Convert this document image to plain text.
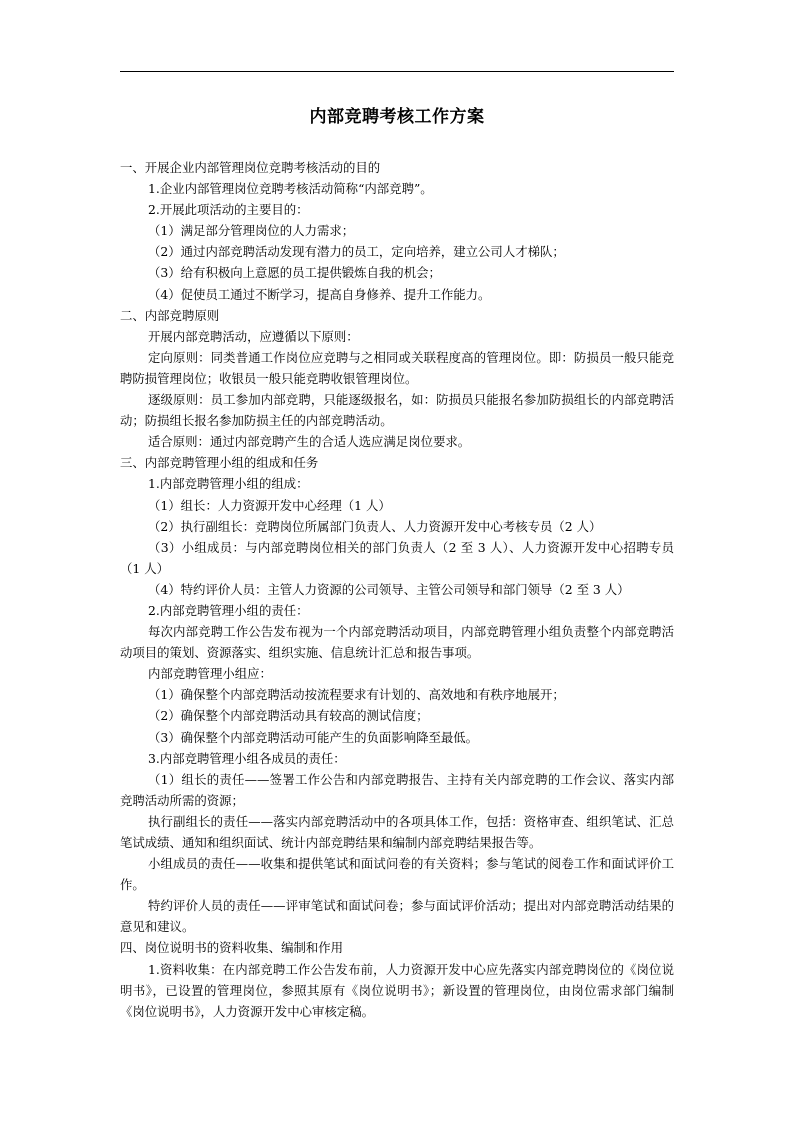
内部竞聘考核工作方案

一、开展企业内部管理岗位竞聘考核活动的目的

1.企业内部管理岗位竞聘考核活动简称“内部竞聘”。

2.开展此项活动的主要目的：

（1）满足部分管理岗位的人力需求；

（2）通过内部竞聘活动发现有潜力的员工，定向培养，建立公司人才梯队；

（3）给有积极向上意愿的员工提供锻炼自我的机会；

（4）促使员工通过不断学习，提高自身修养、提升工作能力。

二、内部竞聘原则

开展内部竞聘活动，应遵循以下原则：

定向原则：同类普通工作岗位应竞聘与之相同或关联程度高的管理岗位。即：防损员一般只能竞聘防损管理岗位；收银员一般只能竞聘收银管理岗位。

逐级原则：员工参加内部竞聘，只能逐级报名，如：防损员只能报名参加防损组长的内部竞聘活动；防损组长报名参加防损主任的内部竞聘活动。

适合原则：通过内部竞聘产生的合适人选应满足岗位要求。

三、内部竞聘管理小组的组成和任务

1.内部竞聘管理小组的组成：

（1）组长：人力资源开发中心经理（1 人）

（2）执行副组长：竞聘岗位所属部门负责人、人力资源开发中心考核专员（2 人）

（3）小组成员：与内部竞聘岗位相关的部门负责人（2 至 3 人）、人力资源开发中心招聘专员（1 人）

（4）特约评价人员：主管人力资源的公司领导、主管公司领导和部门领导（2 至 3 人）

2.内部竞聘管理小组的责任：

每次内部竞聘工作公告发布视为一个内部竞聘活动项目，内部竞聘管理小组负责整个内部竞聘活动项目的策划、资源落实、组织实施、信息统计汇总和报告事项。

内部竞聘管理小组应：

（1）确保整个内部竞聘活动按流程要求有计划的、高效地和有秩序地展开；

（2）确保整个内部竞聘活动具有较高的测试信度；

（3）确保整个内部竞聘活动可能产生的负面影响降至最低。

3.内部竞聘管理小组各成员的责任：

（1）组长的责任——签署工作公告和内部竞聘报告、主持有关内部竞聘的工作会议、落实内部竞聘活动所需的资源；

执行副组长的责任——落实内部竞聘活动中的各项具体工作，包括：资格审查、组织笔试、汇总笔试成绩、通知和组织面试、统计内部竞聘结果和编制内部竞聘结果报告等。

小组成员的责任——收集和提供笔试和面试问卷的有关资料；参与笔试的阅卷工作和面试评价工作。

特约评价人员的责任——评审笔试和面试问卷；参与面试评价活动；提出对内部竞聘活动结果的意见和建议。

四、岗位说明书的资料收集、编制和作用

1.资料收集：在内部竞聘工作公告发布前，人力资源开发中心应先落实内部竞聘岗位的《岗位说明书》，已设置的管理岗位，参照其原有《岗位说明书》；新设置的管理岗位，由岗位需求部门编制《岗位说明书》，人力资源开发中心审核定稿。
